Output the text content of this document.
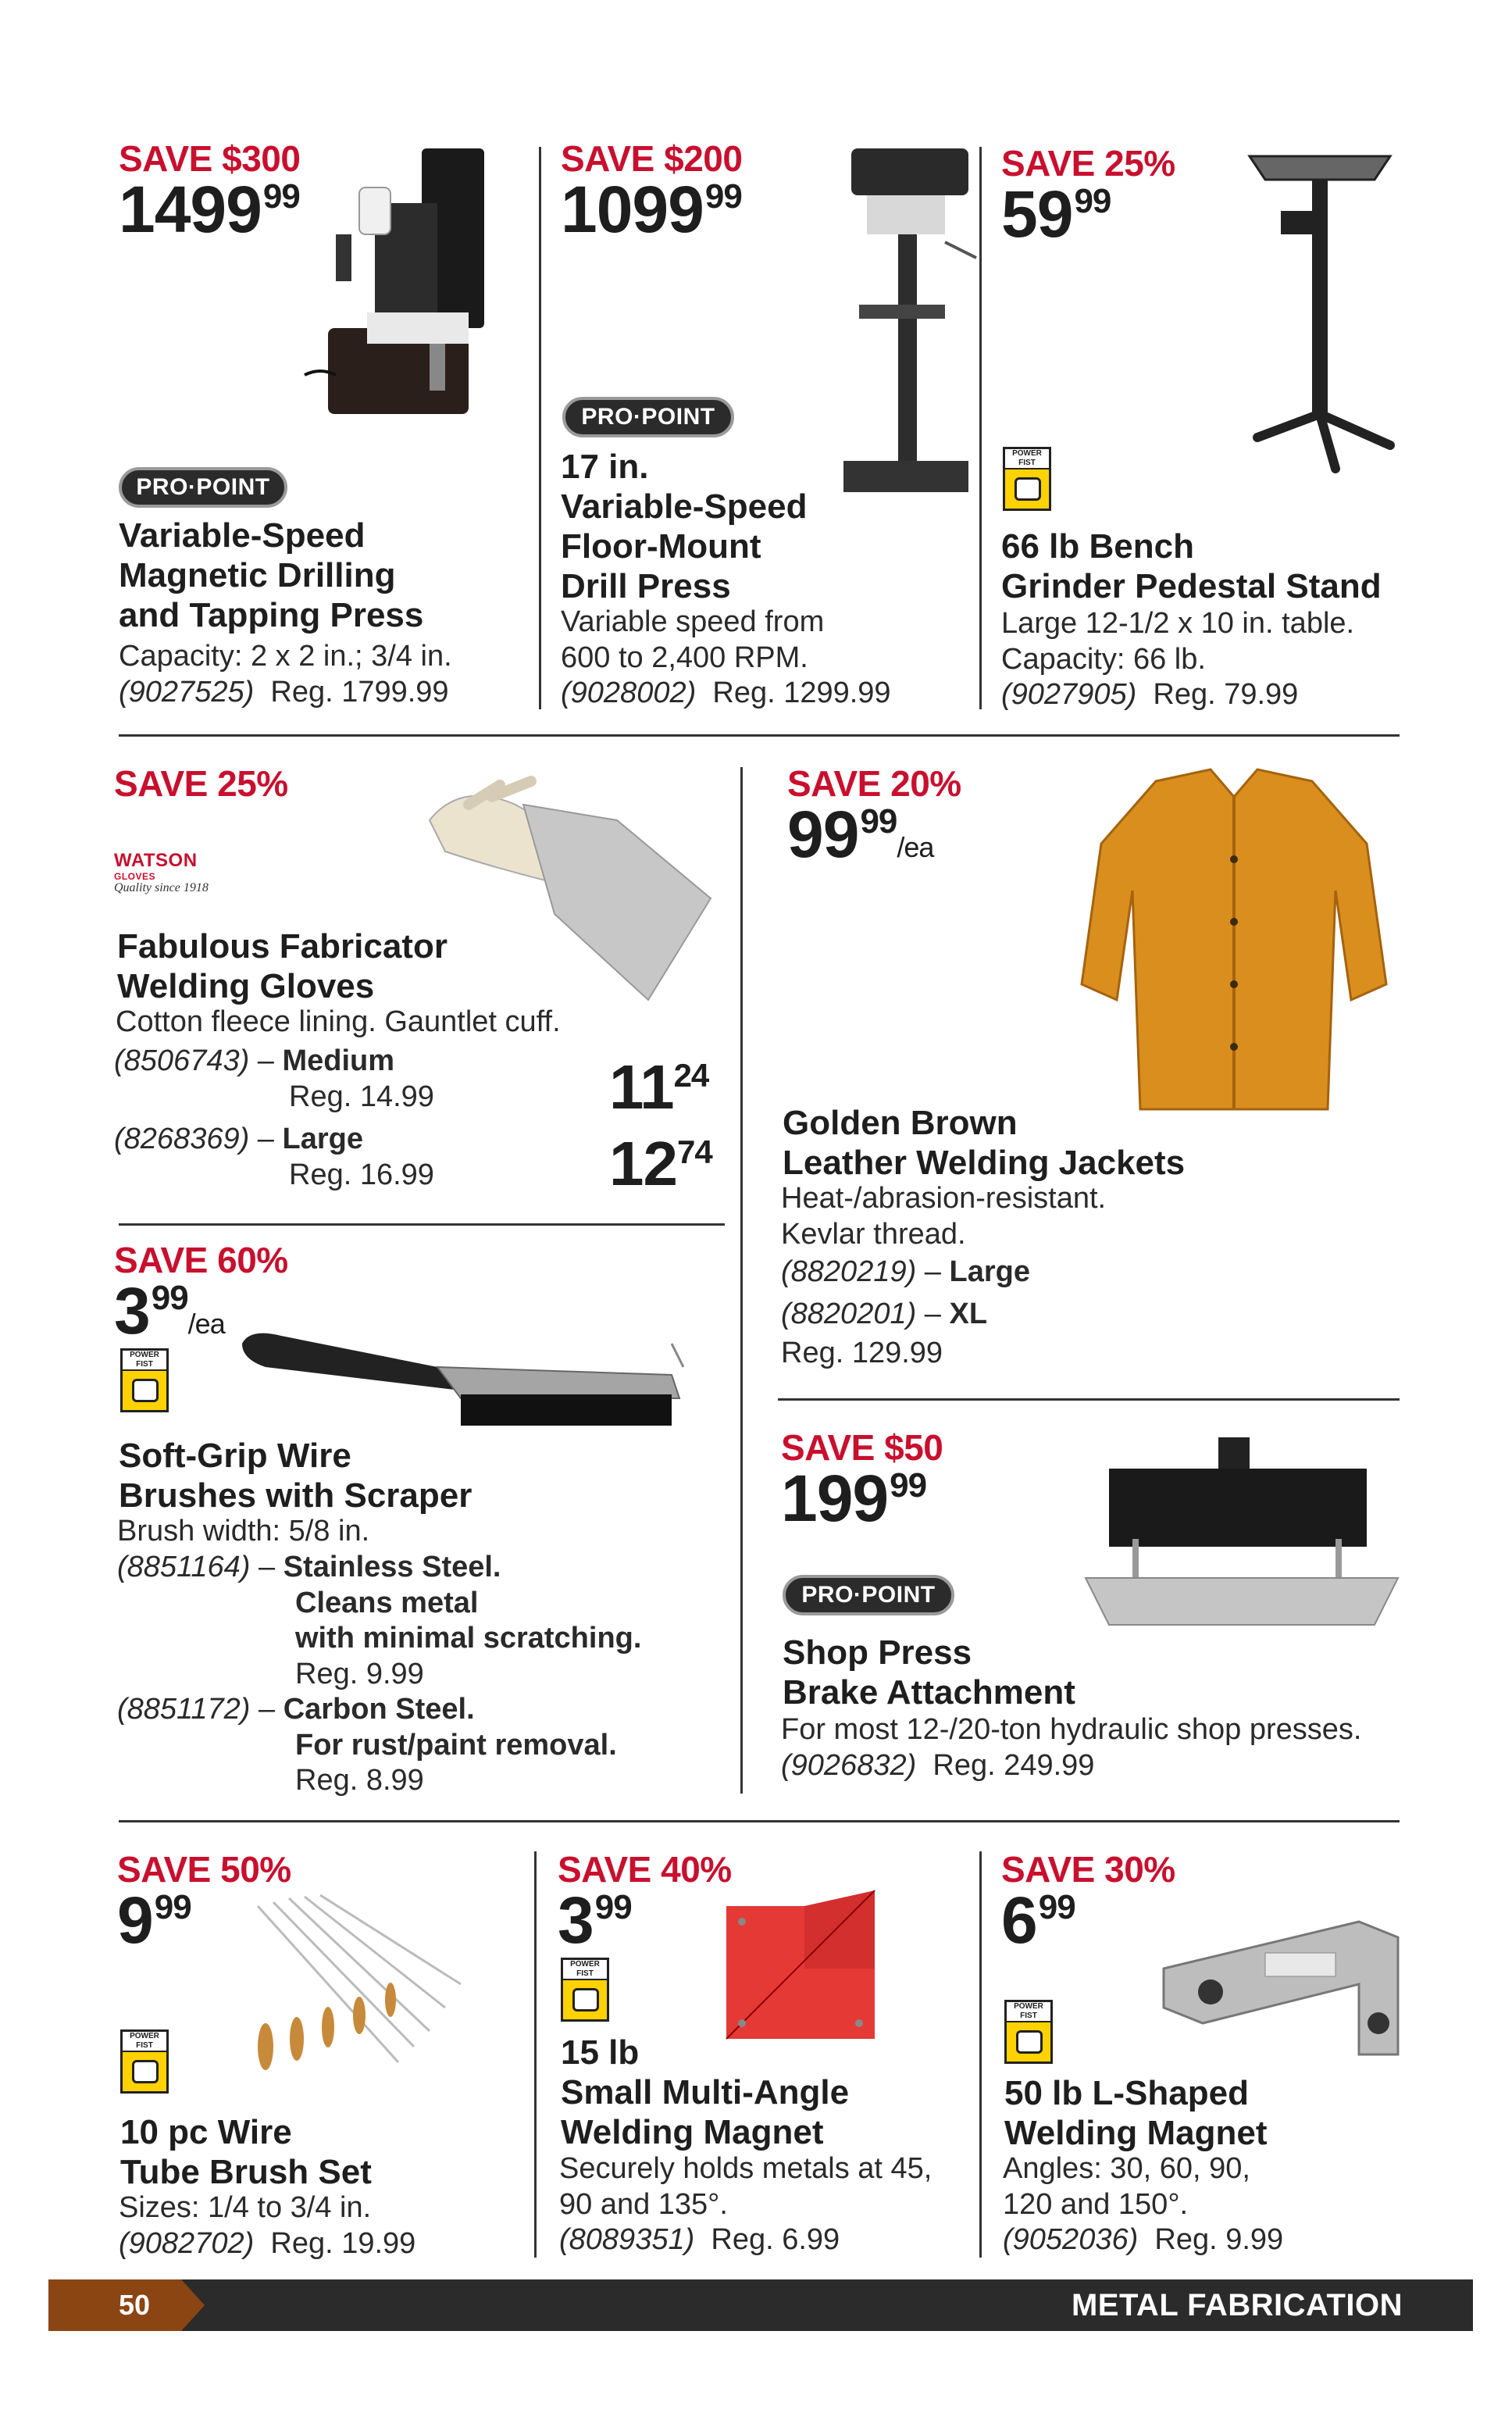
SAVE $300
1499$^{99}$
Variable-Speed
Magnetic Drilling
and Tapping Press
Capacity: 2 x 2 in.; 3/4 in.
(9027525) Reg. 1799.99
PRO·POINT
SAVE $200
1099$^{99}$
17 in.
Variable-Speed
Floor-Mount
Drill Press
Variable speed from
600 to 2,400 RPM.
(9028002) Reg. 1299.99
PRO·POINT
SAVE 25%
$59^{99}$
66 lb Bench
Grinder Pedestal Stand
Large 12-1/2 x 10 in. table.
Capacity: 66 lb.
(9027905) Reg. 79.99
POWER FIST
SAVE 25%
Fabulous Fabricator
Welding Gloves
Cotton fleece lining. Gauntlet cuff.
(8506743) – Medium
Reg. 14.99	$11^{24}$
(8268369) – Large
Reg. 16.99	$12^{74}$
WATSON
GLOVES
Quality since 1918
SAVE 60%
$3^{99}/ea$
Soft-Grip Wire
Brushes with Scraper
Brush width: 5/8 in.
(8851164) – Stainless Steel.
Cleans metal
with minimal scratching.
Reg. 9.99
(8851172) – Carbon Steel.
For rust/paint removal.
Reg. 8.99
POWER FIST
SAVE 20%
$99^{99}/ea$
Golden Brown
Leather Welding Jackets
Heat-/abrasion-resistant.
Kevlar thread.
(8820219) – Large
(8820201) – XL
Reg. 129.99
SAVE $50
$199^{99}$
Shop Press
Brake Attachment
For most 12-/20-ton hydraulic shop presses.
(9026832) Reg. 249.99
PRO·POINT
SAVE 50%
$9^{99}$
10 pc Wire
Tube Brush Set
Sizes: 1/4 to 3/4 in.
(9082702) Reg. 19.99
POWER FIST
SAVE 40%
$3^{99}$
15 lb
Small Multi-Angle
Welding Magnet
Securely holds metals at 45,
90 and 135°.
(8089351) Reg. 6.99
POWER FIST
SAVE 30%
$6^{99}$
50 lb L-Shaped
Welding Magnet
Angles: 30, 60, 90,
120 and 150°.
(9052036) Reg. 9.99
POWER FIST
50	METAL FABRICATION
